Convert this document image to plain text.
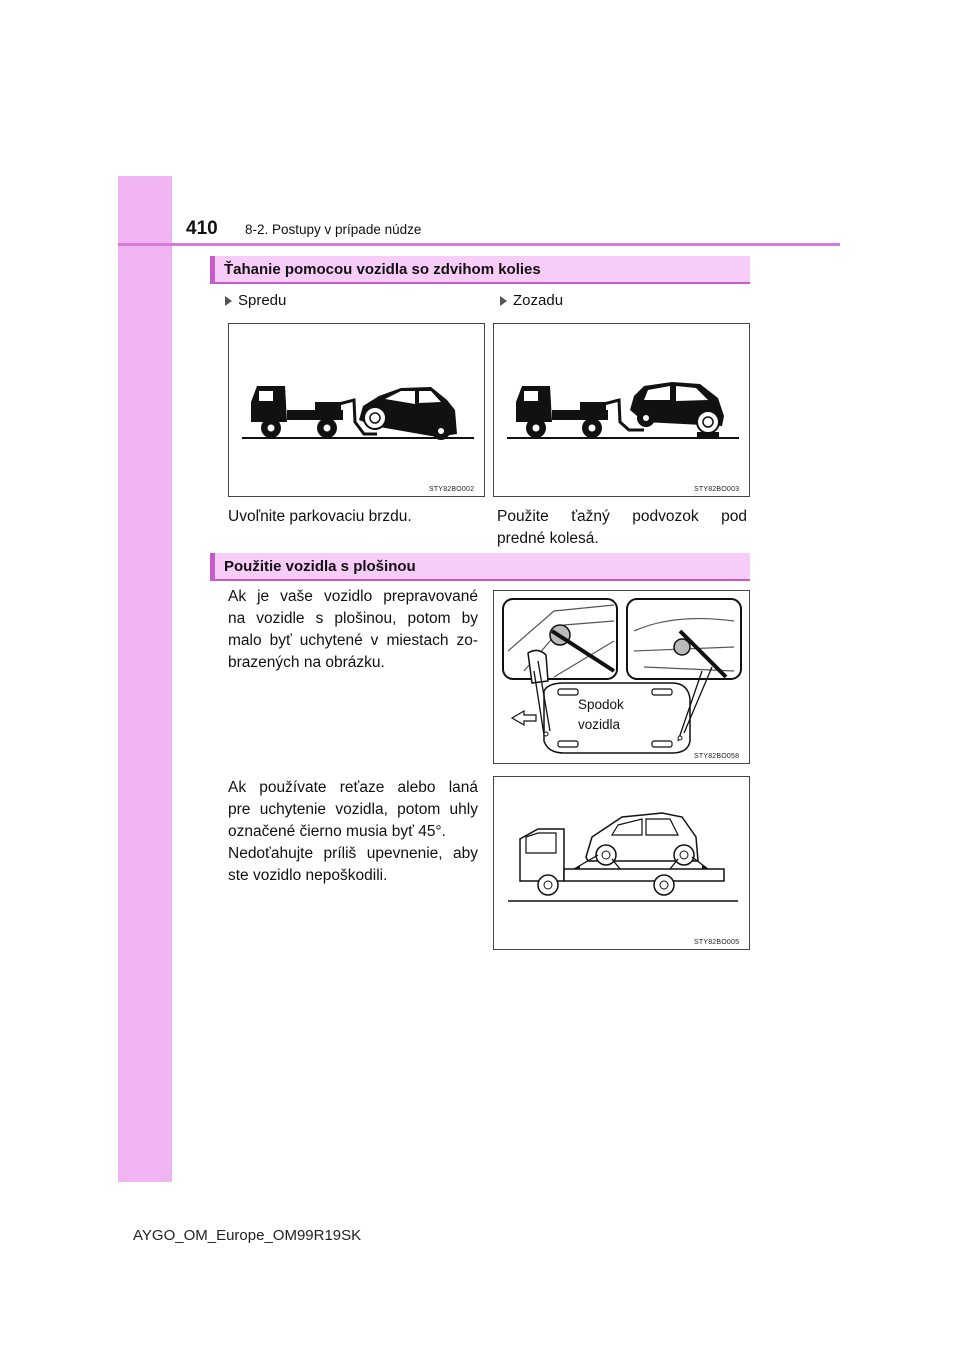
410 8-2. Postupy v prípade núdze
Ťahanie pomocou vozidla so zdvihom kolies
Spredu	Zozadu
STY82BO002	STY82BO003
Uvoľnite parkovaciu brzdu.	Použite ťažný podvozok pod
predné kolesá.
Použitie vozidla s plošinou
Ak je vaše vozidlo prepravované
na vozidle s plošinou, potom by
malo byť uchytené v miestach zo-
brazených na obrázku.
Ak používate reťaze alebo laná
pre uchytenie vozidla, potom uhly
označené čierno musia byť 45°.
Nedoťahujte príliš upevnenie, aby
ste vozidlo nepoškodili.
Spodok
vozidla
STY82BO058
STY82BO005
AYGO_OM_Europe_OM99R19SK
